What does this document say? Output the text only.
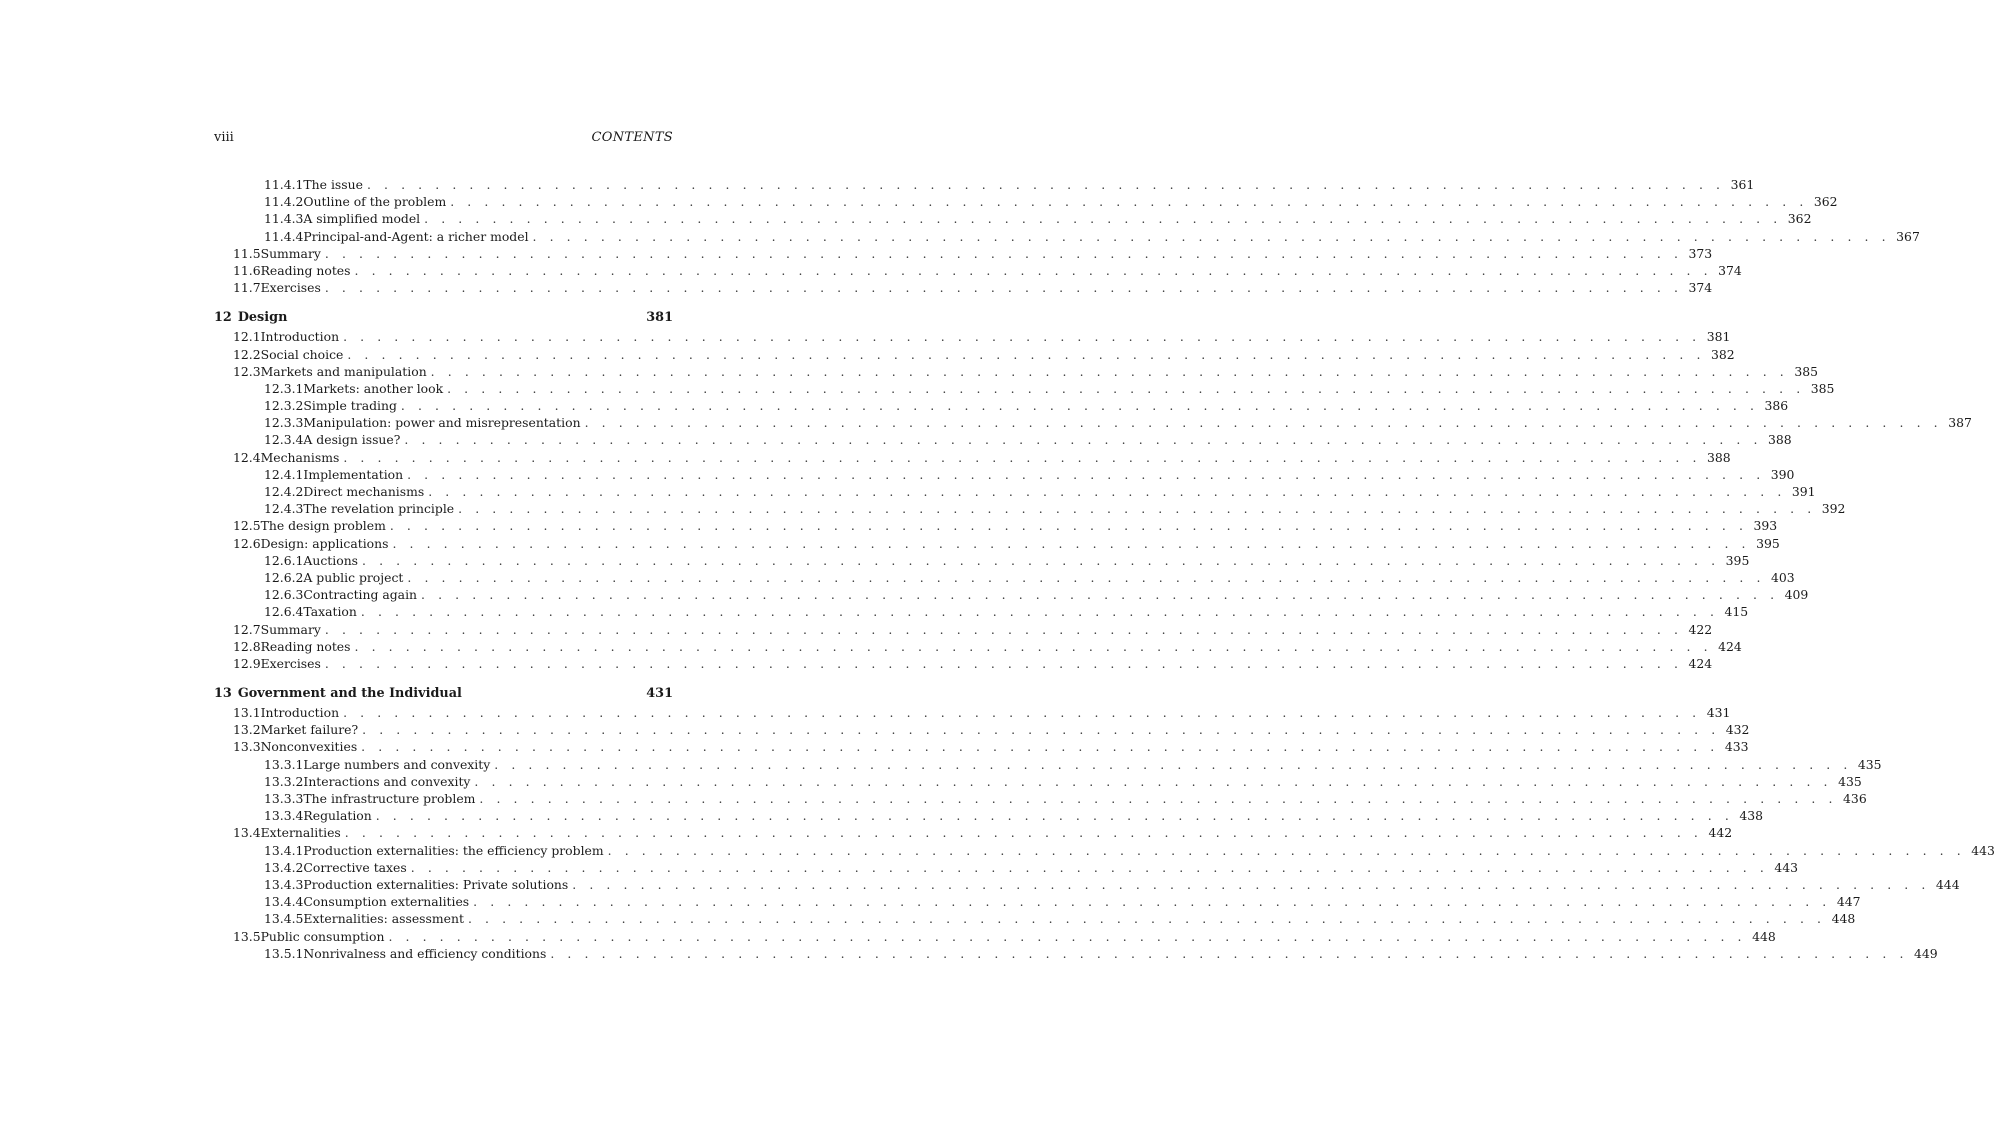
viii	CONTENTS
11.4.1 The issue . . . . . . . . . . . . . . . . . . . . . . . . . . . . . . . . . . . . . . . . . . . . . . . . . . . . . . . . . . . . . . . . . . . . . . . . . . . . . . . . 361
11.4.2 Outline of the problem . . . . . . . . . . . . . . . . . . . . . . . . . . . . . . . . . . . . . . . . . . . . . . . . . . . . . . . . . . . . . . . . . . . . . . . . . . . . . . . . 362
11.4.3 A simplified model . . . . . . . . . . . . . . . . . . . . . . . . . . . . . . . . . . . . . . . . . . . . . . . . . . . . . . . . . . . . . . . . . . . . . . . . . . . . . . . . 362
11.4.4 Principal-and-Agent: a richer model . . . . . . . . . . . . . . . . . . . . . . . . . . . . . . . . . . . . . . . . . . . . . . . . . . . . . . . . . . . . . . . . . . . . . . . . . . . . . . . . 367
11.5 Summary . . . . . . . . . . . . . . . . . . . . . . . . . . . . . . . . . . . . . . . . . . . . . . . . . . . . . . . . . . . . . . . . . . . . . . . . . . . . . . . . 373
11.6 Reading notes . . . . . . . . . . . . . . . . . . . . . . . . . . . . . . . . . . . . . . . . . . . . . . . . . . . . . . . . . . . . . . . . . . . . . . . . . . . . . . . . 374
11.7 Exercises . . . . . . . . . . . . . . . . . . . . . . . . . . . . . . . . . . . . . . . . . . . . . . . . . . . . . . . . . . . . . . . . . . . . . . . . . . . . . . . . 374
12 Design	381
12.1 Introduction . . . . . . . . . . . . . . . . . . . . . . . . . . . . . . . . . . . . . . . . . . . . . . . . . . . . . . . . . . . . . . . . . . . . . . . . . . . . . . . . 381
12.2 Social choice . . . . . . . . . . . . . . . . . . . . . . . . . . . . . . . . . . . . . . . . . . . . . . . . . . . . . . . . . . . . . . . . . . . . . . . . . . . . . . . . 382
12.3 Markets and manipulation . . . . . . . . . . . . . . . . . . . . . . . . . . . . . . . . . . . . . . . . . . . . . . . . . . . . . . . . . . . . . . . . . . . . . . . . . . . . . . . . 385
12.3.1 Markets: another look . . . . . . . . . . . . . . . . . . . . . . . . . . . . . . . . . . . . . . . . . . . . . . . . . . . . . . . . . . . . . . . . . . . . . . . . . . . . . . . . 385
12.3.2 Simple trading . . . . . . . . . . . . . . . . . . . . . . . . . . . . . . . . . . . . . . . . . . . . . . . . . . . . . . . . . . . . . . . . . . . . . . . . . . . . . . . . 386
12.3.3 Manipulation: power and misrepresentation . . . . . . . . . . . . . . . . . . . . . . . . . . . . . . . . . . . . . . . . . . . . . . . . . . . . . . . . . . . . . . . . . . . . . . . . . . . . . . . . 387
12.3.4 A design issue? . . . . . . . . . . . . . . . . . . . . . . . . . . . . . . . . . . . . . . . . . . . . . . . . . . . . . . . . . . . . . . . . . . . . . . . . . . . . . . . . 388
12.4 Mechanisms . . . . . . . . . . . . . . . . . . . . . . . . . . . . . . . . . . . . . . . . . . . . . . . . . . . . . . . . . . . . . . . . . . . . . . . . . . . . . . . . 388
12.4.1 Implementation . . . . . . . . . . . . . . . . . . . . . . . . . . . . . . . . . . . . . . . . . . . . . . . . . . . . . . . . . . . . . . . . . . . . . . . . . . . . . . . . 390
12.4.2 Direct mechanisms . . . . . . . . . . . . . . . . . . . . . . . . . . . . . . . . . . . . . . . . . . . . . . . . . . . . . . . . . . . . . . . . . . . . . . . . . . . . . . . . 391
12.4.3 The revelation principle . . . . . . . . . . . . . . . . . . . . . . . . . . . . . . . . . . . . . . . . . . . . . . . . . . . . . . . . . . . . . . . . . . . . . . . . . . . . . . . . 392
12.5 The design problem . . . . . . . . . . . . . . . . . . . . . . . . . . . . . . . . . . . . . . . . . . . . . . . . . . . . . . . . . . . . . . . . . . . . . . . . . . . . . . . . 393
12.6 Design: applications . . . . . . . . . . . . . . . . . . . . . . . . . . . . . . . . . . . . . . . . . . . . . . . . . . . . . . . . . . . . . . . . . . . . . . . . . . . . . . . . 395
12.6.1 Auctions . . . . . . . . . . . . . . . . . . . . . . . . . . . . . . . . . . . . . . . . . . . . . . . . . . . . . . . . . . . . . . . . . . . . . . . . . . . . . . . . 395
12.6.2 A public project . . . . . . . . . . . . . . . . . . . . . . . . . . . . . . . . . . . . . . . . . . . . . . . . . . . . . . . . . . . . . . . . . . . . . . . . . . . . . . . . 403
12.6.3 Contracting again . . . . . . . . . . . . . . . . . . . . . . . . . . . . . . . . . . . . . . . . . . . . . . . . . . . . . . . . . . . . . . . . . . . . . . . . . . . . . . . . 409
12.6.4 Taxation . . . . . . . . . . . . . . . . . . . . . . . . . . . . . . . . . . . . . . . . . . . . . . . . . . . . . . . . . . . . . . . . . . . . . . . . . . . . . . . . 415
12.7 Summary . . . . . . . . . . . . . . . . . . . . . . . . . . . . . . . . . . . . . . . . . . . . . . . . . . . . . . . . . . . . . . . . . . . . . . . . . . . . . . . . 422
12.8 Reading notes . . . . . . . . . . . . . . . . . . . . . . . . . . . . . . . . . . . . . . . . . . . . . . . . . . . . . . . . . . . . . . . . . . . . . . . . . . . . . . . . 424
12.9 Exercises . . . . . . . . . . . . . . . . . . . . . . . . . . . . . . . . . . . . . . . . . . . . . . . . . . . . . . . . . . . . . . . . . . . . . . . . . . . . . . . . 424
13 Government and the Individual	431
13.1 Introduction . . . . . . . . . . . . . . . . . . . . . . . . . . . . . . . . . . . . . . . . . . . . . . . . . . . . . . . . . . . . . . . . . . . . . . . . . . . . . . . . 431
13.2 Market failure? . . . . . . . . . . . . . . . . . . . . . . . . . . . . . . . . . . . . . . . . . . . . . . . . . . . . . . . . . . . . . . . . . . . . . . . . . . . . . . . . 432
13.3 Nonconvexities . . . . . . . . . . . . . . . . . . . . . . . . . . . . . . . . . . . . . . . . . . . . . . . . . . . . . . . . . . . . . . . . . . . . . . . . . . . . . . . . 433
13.3.1 Large numbers and convexity . . . . . . . . . . . . . . . . . . . . . . . . . . . . . . . . . . . . . . . . . . . . . . . . . . . . . . . . . . . . . . . . . . . . . . . . . . . . . . . . 435
13.3.2 Interactions and convexity . . . . . . . . . . . . . . . . . . . . . . . . . . . . . . . . . . . . . . . . . . . . . . . . . . . . . . . . . . . . . . . . . . . . . . . . . . . . . . . . 435
13.3.3 The infrastructure problem . . . . . . . . . . . . . . . . . . . . . . . . . . . . . . . . . . . . . . . . . . . . . . . . . . . . . . . . . . . . . . . . . . . . . . . . . . . . . . . . 436
13.3.4 Regulation . . . . . . . . . . . . . . . . . . . . . . . . . . . . . . . . . . . . . . . . . . . . . . . . . . . . . . . . . . . . . . . . . . . . . . . . . . . . . . . . 438
13.4 Externalities . . . . . . . . . . . . . . . . . . . . . . . . . . . . . . . . . . . . . . . . . . . . . . . . . . . . . . . . . . . . . . . . . . . . . . . . . . . . . . . . 442
13.4.1 Production externalities: the efficiency problem . . . . . . . . . . . . . . . . . . . . . . . . . . . . . . . . . . . . . . . . . . . . . . . . . . . . . . . . . . . . . . . . . . . . . . . . . . . . . . . . 443
13.4.2 Corrective taxes . . . . . . . . . . . . . . . . . . . . . . . . . . . . . . . . . . . . . . . . . . . . . . . . . . . . . . . . . . . . . . . . . . . . . . . . . . . . . . . . 443
13.4.3 Production externalities: Private solutions . . . . . . . . . . . . . . . . . . . . . . . . . . . . . . . . . . . . . . . . . . . . . . . . . . . . . . . . . . . . . . . . . . . . . . . . . . . . . . . . 444
13.4.4 Consumption externalities . . . . . . . . . . . . . . . . . . . . . . . . . . . . . . . . . . . . . . . . . . . . . . . . . . . . . . . . . . . . . . . . . . . . . . . . . . . . . . . . 447
13.4.5 Externalities: assessment . . . . . . . . . . . . . . . . . . . . . . . . . . . . . . . . . . . . . . . . . . . . . . . . . . . . . . . . . . . . . . . . . . . . . . . . . . . . . . . . 448
13.5 Public consumption . . . . . . . . . . . . . . . . . . . . . . . . . . . . . . . . . . . . . . . . . . . . . . . . . . . . . . . . . . . . . . . . . . . . . . . . . . . . . . . . 448
13.5.1 Nonrivalness and efficiency conditions . . . . . . . . . . . . . . . . . . . . . . . . . . . . . . . . . . . . . . . . . . . . . . . . . . . . . . . . . . . . . . . . . . . . . . . . . . . . . . . . 449
